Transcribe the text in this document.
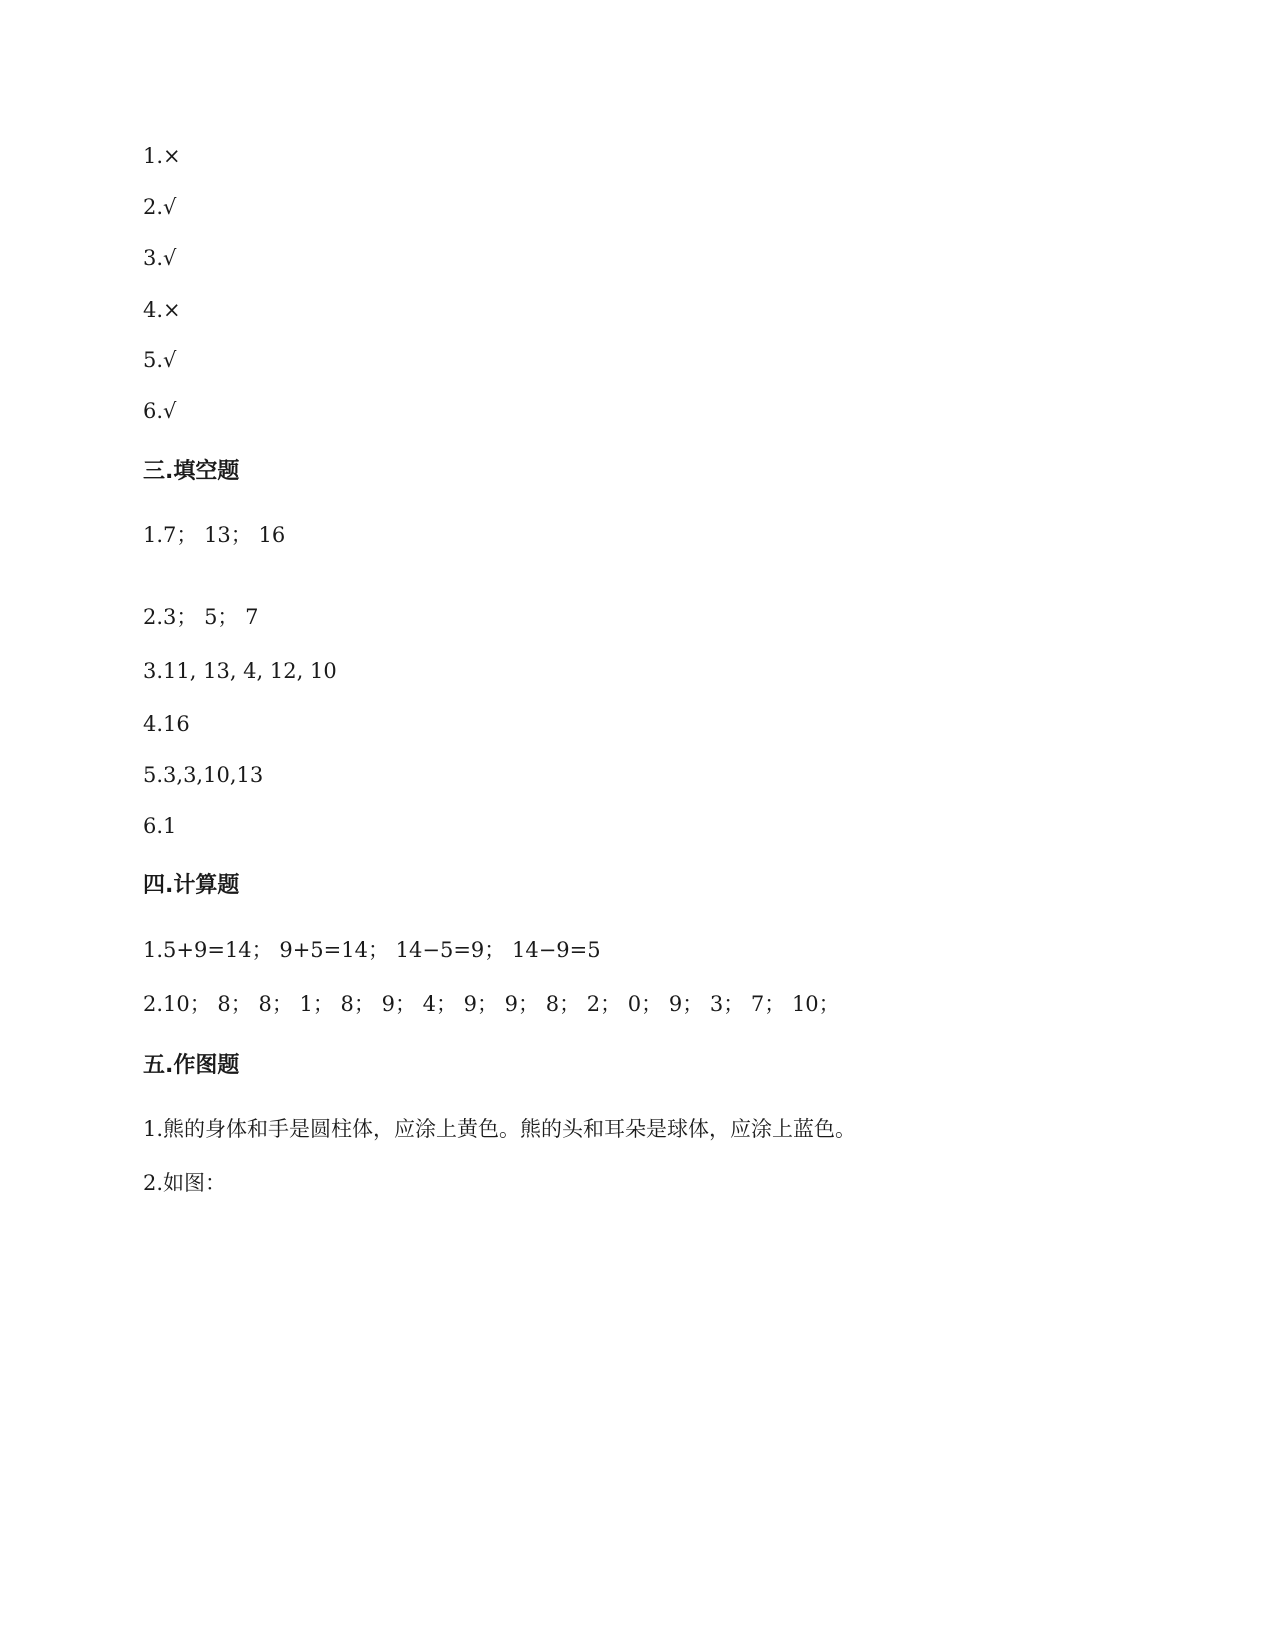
1.×
2.√
3.√
4.×
5.√
6.√
三.填空题
1.7； 13； 16
2.3； 5； 7
3.11, 13, 4, 12, 10
4.16
5.3,3,10,13
6.1
四.计算题
1.5+9=14； 9+5=14； 14−5=9； 14−9=5
2.10； 8； 8； 1； 8； 9； 4； 9； 9； 8； 2； 0； 9； 3； 7； 10；
五.作图题
1.熊的身体和手是圆柱体，应涂上黄色。熊的头和耳朵是球体，应涂上蓝色。
2.如图：
